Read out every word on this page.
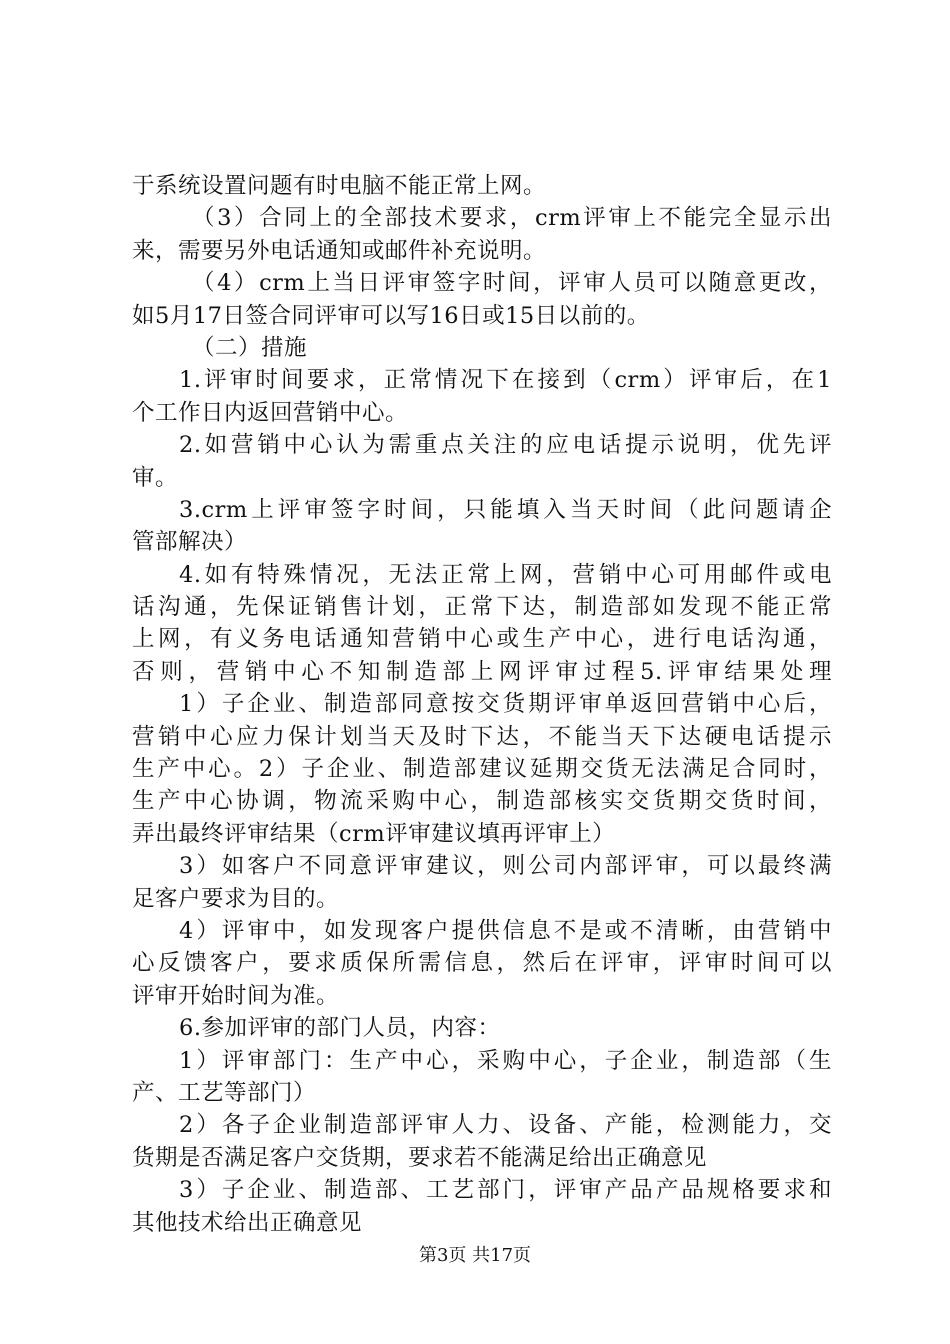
于系统设置问题有时电脑不能正常上网。
（3）合同上的全部技术要求，crm评审上不能完全显示出
来，需要另外电话通知或邮件补充说明。
（4）crm上当日评审签字时间，评审人员可以随意更改，
如5月17日签合同评审可以写16日或15日以前的。
（二）措施
1.评审时间要求，正常情况下在接到（crm）评审后，在1
个工作日内返回营销中心。
2.如营销中心认为需重点关注的应电话提示说明，优先评
审。
3.crm上评审签字时间，只能填入当天时间（此问题请企
管部解决）
4.如有特殊情况，无法正常上网，营销中心可用邮件或电
话沟通，先保证销售计划，正常下达，制造部如发现不能正常
上网，有义务电话通知营销中心或生产中心，进行电话沟通，
否则，营销中心不知制造部上网评审过程5.评审结果处理
1）子企业、制造部同意按交货期评审单返回营销中心后，
营销中心应力保计划当天及时下达，不能当天下达硬电话提示
生产中心。2）子企业、制造部建议延期交货无法满足合同时，
生产中心协调，物流采购中心，制造部核实交货期交货时间，
弄出最终评审结果（crm评审建议填再评审上）
3）如客户不同意评审建议，则公司内部评审，可以最终满
足客户要求为目的。
4）评审中，如发现客户提供信息不是或不清晰，由营销中
心反馈客户，要求质保所需信息，然后在评审，评审时间可以
评审开始时间为准。
6.参加评审的部门人员，内容：
1）评审部门：生产中心，采购中心，子企业，制造部（生
产、工艺等部门）
2）各子企业制造部评审人力、设备、产能，检测能力，交
货期是否满足客户交货期，要求若不能满足给出正确意见
3）子企业、制造部、工艺部门，评审产品产品规格要求和
其他技术给出正确意见
第3页 共17页
